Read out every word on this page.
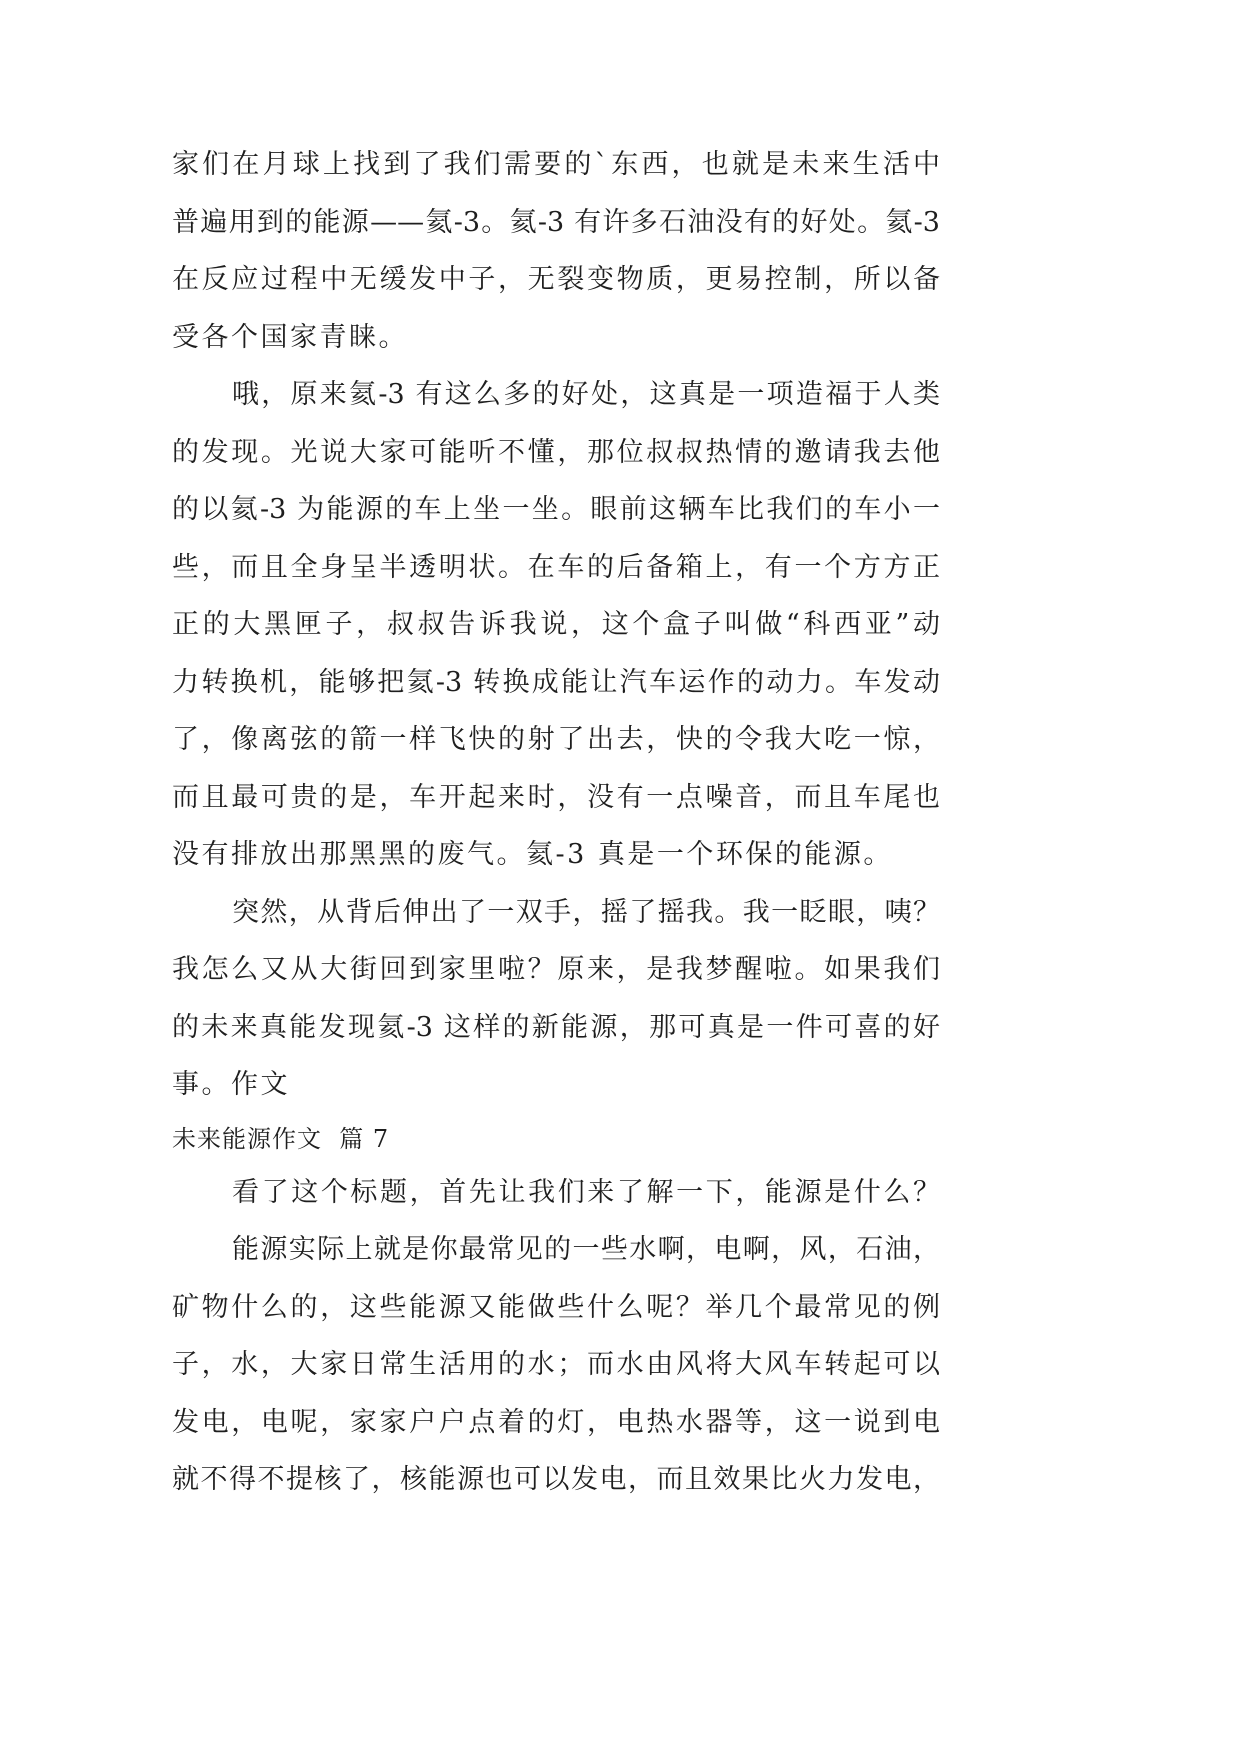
家们在月球上找到了我们需要的`东西，也就是未来生活中
普遍用到的能源——氦-3。氦-3 有许多石油没有的好处。氦-3
在反应过程中无缓发中子，无裂变物质，更易控制，所以备
受各个国家青睐。
哦，原来氦-3 有这么多的好处，这真是一项造福于人类
的发现。光说大家可能听不懂，那位叔叔热情的邀请我去他
的以氦-3 为能源的车上坐一坐。眼前这辆车比我们的车小一
些，而且全身呈半透明状。在车的后备箱上，有一个方方正
正的大黑匣子，叔叔告诉我说，这个盒子叫做“科西亚”动
力转换机，能够把氦-3 转换成能让汽车运作的动力。车发动
了，像离弦的箭一样飞快的射了出去，快的令我大吃一惊，
而且最可贵的是，车开起来时，没有一点噪音，而且车尾也
没有排放出那黑黑的废气。氦-3 真是一个环保的能源。
突然，从背后伸出了一双手，摇了摇我。我一眨眼，咦？
我怎么又从大街回到家里啦？原来，是我梦醒啦。如果我们
的未来真能发现氦-3 这样的新能源，那可真是一件可喜的好
事。作文
未来能源作文  篇 7
看了这个标题，首先让我们来了解一下，能源是什么？
能源实际上就是你最常见的一些水啊，电啊，风，石油，
矿物什么的，这些能源又能做些什么呢？举几个最常见的例
子，水，大家日常生活用的水；而水由风将大风车转起可以
发电，电呢，家家户户点着的灯，电热水器等，这一说到电
就不得不提核了，核能源也可以发电，而且效果比火力发电，
